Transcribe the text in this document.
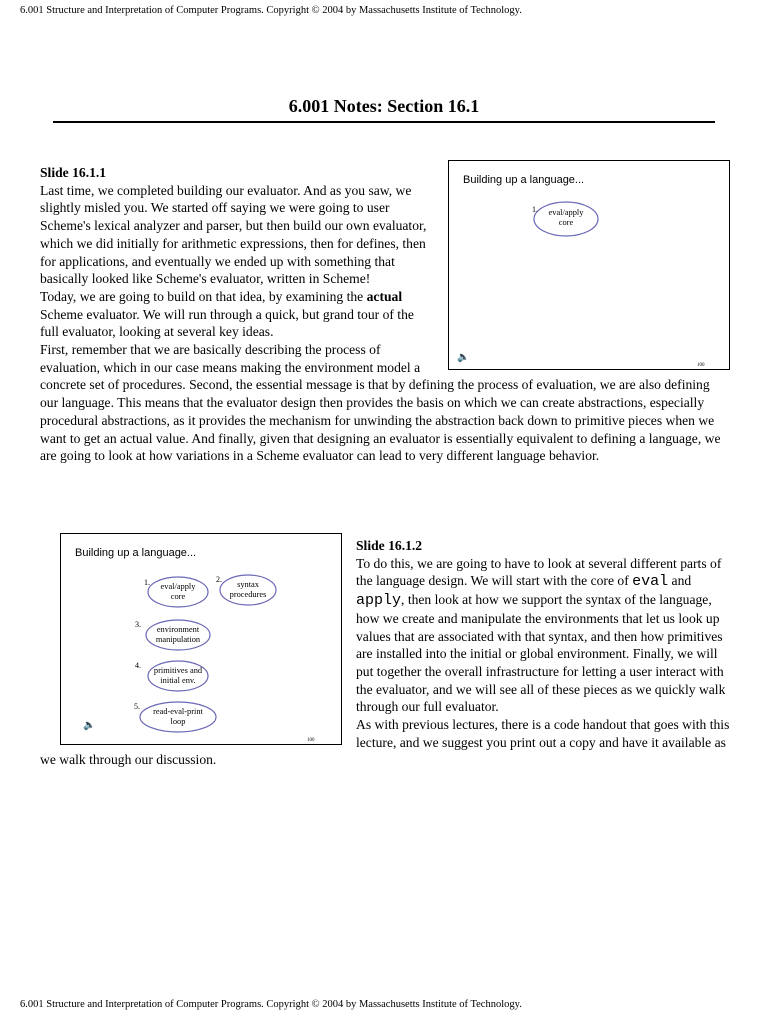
6.001 Structure and Interpretation of Computer Programs. Copyright © 2004 by Massachusetts Institute of Technology.
6.001 Notes: Section 16.1
Building up a language...
1.	eval/apply
core
🔈
100
Slide 16.1.1
Last time, we completed building our evaluator. And as you saw, we slightly misled you. We started off saying we were going to user Scheme's lexical analyzer and parser, but then build our own evaluator, which we did initially for arithmetic expressions, then for defines, then for applications, and eventually we ended up with something that basically looked like Scheme's evaluator, written in Scheme!
Today, we are going to build on that idea, by examining the actual Scheme evaluator. We will run through a quick, but grand tour of the full evaluator, looking at several key ideas.
First, remember that we are basically describing the process of evaluation, which in our case means making the environment model a concrete set of procedures. Second, the essential message is that by defining the process of evaluation, we are also defining our language. This means that the evaluator design then provides the basis on which we can create abstractions, especially procedural abstractions, as it provides the mechanism for unwinding the abstraction back down to primitive pieces when we want to get an actual value. And finally, given that designing an evaluator is essentially equivalent to defining a language, we are going to look at how variations in a Scheme evaluator can lead to very different language behavior.
Building up a language...
1.	eval/apply
core
2.
syntax
procedures
3.
environment
manipulation
4.
primitives and
initial env.
5.
read-eval-print
loop
🔈
100
Slide 16.1.2
To do this, we are going to have to look at several different parts of the language design. We will start with the core of eval and apply, then look at how we support the syntax of the language, how we create and manipulate the environments that let us look up values that are associated with that syntax, and then how primitives are installed into the initial or global environment. Finally, we will put together the overall infrastructure for letting a user interact with the evaluator, and we will see all of these pieces as we quickly walk through our full evaluator.
As with previous lectures, there is a code handout that goes with this lecture, and we suggest you print out a copy and have it available as we walk through our discussion.
6.001 Structure and Interpretation of Computer Programs. Copyright © 2004 by Massachusetts Institute of Technology.
